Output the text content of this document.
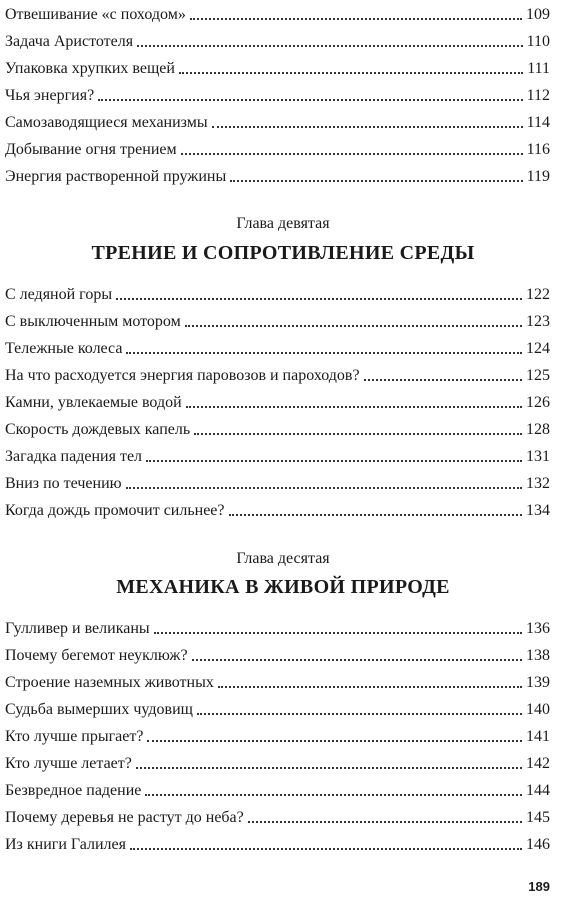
Отвешивание «с походом»	109
Задача Аристотеля	110
Упаковка хрупких вещей	111
Чья энергия?	112
Самозаводящиеся механизмы	114
Добывание огня трением	116
Энергия растворенной пружины	119
Глава девятая
ТРЕНИЕ И СОПРОТИВЛЕНИЕ СРЕДЫ
С ледяной горы	122
С выключенным мотором	123
Тележные колеса	124
На что расходуется энергия паровозов и пароходов?	125
Камни, увлекаемые водой	126
Скорость дождевых капель	128
Загадка падения тел	131
Вниз по течению	132
Когда дождь промочит сильнее?	134
Глава десятая
МЕХАНИКА В ЖИВОЙ ПРИРОДЕ
Гулливер и великаны	136
Почему бегемот неуклюж?	138
Строение наземных животных	139
Судьба вымерших чудовищ	140
Кто лучше прыгает?	141
Кто лучше летает?	142
Безвредное падение	144
Почему деревья не растут до неба?	145
Из книги Галилея	146
189
